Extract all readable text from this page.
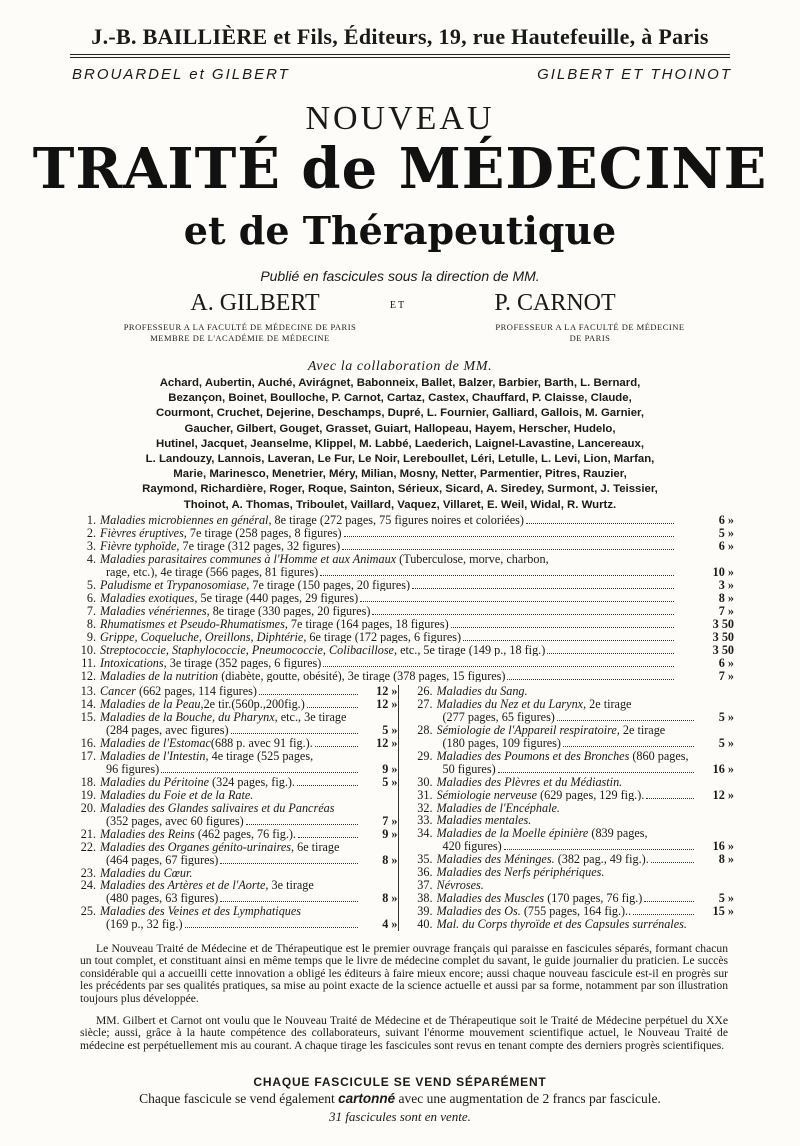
J.-B. BAILLIÈRE et Fils, Éditeurs, 19, rue Hautefeuille, à Paris
BROUARDEL et GILBERT	GILBERT ET THOINOT
NOUVEAU
TRAITÉ de MÉDECINE
et de Thérapeutique
Publié en fascicules sous la direction de MM.
A. GILBERT	ET	P. CARNOT
PROFESSEUR A LA FACULTÉ DE MÉDECINE DE PARIS
MEMBRE DE L'ACADÉMIE DE MÉDECINE
PROFESSEUR A LA FACULTÉ DE MÉDECINE
DE PARIS
Avec la collaboration de MM.
Achard, Aubertin, Auché, Avirágnet, Babonneix, Ballet, Balzer, Barbier, Barth, L. Bernard,
Bezançon, Boinet, Boulloche, P. Carnot, Cartaz, Castex, Chauffard, P. Claisse, Claude,
Courmont, Cruchet, Dejerine, Deschamps, Dupré, L. Fournier, Galliard, Gallois, M. Garnier,
Gaucher, Gilbert, Gouget, Grasset, Guiart, Hallopeau, Hayem, Herscher, Hudelo,
Hutinel, Jacquet, Jeanselme, Klippel, M. Labbé, Laederich, Laignel-Lavastine, Lancereaux,
L. Landouzy, Lannois, Laveran, Le Fur, Le Noir, Lereboullet, Léri, Letulle, L. Levi, Lion, Marfan,
Marie, Marinesco, Menetrier, Méry, Milian, Mosny, Netter, Parmentier, Pitres, Rauzier,
Raymond, Richardière, Roger, Roque, Sainton, Sérieux, Sicard, A. Siredey, Surmont, J. Teissier,
Thoinot, A. Thomas, Triboulet, Vaillard, Vaquez, Villaret, E. Weil, Widal, R. Wurtz.
1. Maladies microbiennes en général, 8e tirage (272 pages, 75 figures noires et coloriées)	6 »
2. Fièvres éruptives, 7e tirage (258 pages, 8 figures)	5 »
3. Fièvre typhoïde, 7e tirage (312 pages, 32 figures)	6 »
4. Maladies parasitaires communes à l'Homme et aux Animaux (Tuberculose, morve, charbon,
rage, etc.), 4e tirage (566 pages, 81 figures)	10 »
5. Paludisme et Trypanosomiase, 7e tirage (150 pages, 20 figures)	3 »
6. Maladies exotiques, 5e tirage (440 pages, 29 figures)	8 »
7. Maladies vénériennes, 8e tirage (330 pages, 20 figures)	7 »
8. Rhumatismes et Pseudo-Rhumatismes, 7e tirage (164 pages, 18 figures)	3 50
9. Grippe, Coqueluche, Oreillons, Diphtérie, 6e tirage (172 pages, 6 figures)	3 50
10. Streptococcie, Staphylococcie, Pneumococcie, Colibacillose, etc., 5e tirage (149 p., 18 fig.)	3 50
11. Intoxications, 3e tirage (352 pages, 6 figures)	6 »
12. Maladies de la nutrition (diabète, goutte, obésité), 3e tirage (378 pages, 15 figures)	7 »
13. Cancer (662 pages, 114 figures)	12 »
14. Maladies de la Peau,2e tir.(560p.,200fig.)	12 »
15. Maladies de la Bouche, du Pharynx, etc., 3e tirage
(284 pages, avec figures)	5 »
16. Maladies de l'Estomac(688 p. avec 91 fig.).	12 »
17. Maladies de l'Intestin, 4e tirage (525 pages,
96 figures)	9 »
18. Maladies du Péritoine (324 pages, fig.).	5 »
19. Maladies du Foie et de la Rate.
20. Maladies des Glandes salivaires et du Pancréas
(352 pages, avec 60 figures)	7 »
21. Maladies des Reins (462 pages, 76 fig.).	9 »
22. Maladies des Organes génito-urinaires, 6e tirage
(464 pages, 67 figures)	8 »
23. Maladies du Cœur.
24. Maladies des Artères et de l'Aorte, 3e tirage
(480 pages, 63 figures)	8 »
25. Maladies des Veines et des Lymphatiques
(169 p., 32 fig.)	4 »
26. Maladies du Sang.
27. Maladies du Nez et du Larynx, 2e tirage
(277 pages, 65 figures)	5 »
28. Sémiologie de l'Appareil respiratoire, 2e tirage
(180 pages, 109 figures)	5 »
29. Maladies des Poumons et des Bronches (860 pages,
50 figures)	16 »
30. Maladies des Plèvres et du Médiastin.
31. Sémiologie nerveuse (629 pages, 129 fig.).	12 »
32. Maladies de l'Encéphale.
33. Maladies mentales.
34. Maladies de la Moelle épinière (839 pages,
420 figures)	16 »
35. Maladies des Méninges. (382 pag., 49 fig.).	8 »
36. Maladies des Nerfs périphériques.
37. Névroses.
38. Maladies des Muscles (170 pages, 76 fig.)	5 »
39. Maladies des Os. (755 pages, 164 fig.)..	15 »
40. Mal. du Corps thyroïde et des Capsules surrénales.

Le Nouveau Traité de Médecine et de Thérapeutique est le premier ouvrage français qui paraisse en fascicules séparés, formant chacun un tout complet, et constituant ainsi en même temps que le livre de médecine complet du savant, le guide journalier du praticien. Le succès considérable qui a accueilli cette innovation a obligé les éditeurs à faire mieux encore; aussi chaque nouveau fascicule est-il en progrès sur les précédents par ses qualités pratiques, sa mise au point exacte de la science actuelle et aussi par sa forme, notamment par son illustration toujours plus développée.

MM. Gilbert et Carnot ont voulu que le Nouveau Traité de Médecine et de Thérapeutique soit le Traité de Médecine perpétuel du XXe siècle; aussi, grâce à la haute compétence des collaborateurs, suivant l'énorme mouvement scientifique actuel, le Nouveau Traité de médecine est perpétuellement mis au courant. A chaque tirage les fascicules sont revus en tenant compte des derniers progrès scientifiques.

CHAQUE FASCICULE SE VEND SÉPARÉMENT
Chaque fascicule se vend également cartonné avec une augmentation de 2 francs par fascicule.
31 fascicules sont en vente.
